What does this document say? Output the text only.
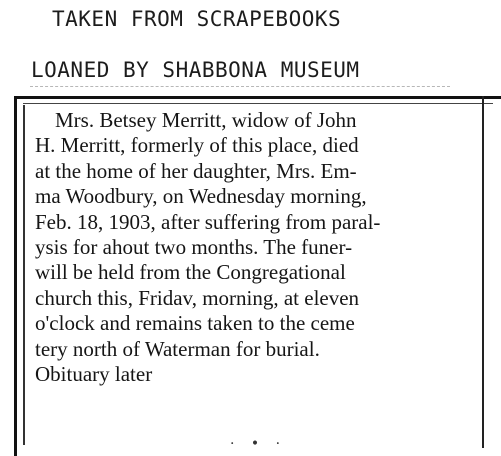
TAKEN FROM SCRAPEBOOKS
LOANED BY SHABBONA MUSEUM
Mrs. Betsey Merritt, widow of John
H. Merritt, formerly of this place, died
at the home of her daughter, Mrs. Em-
ma Woodbury, on Wednesday morning,
Feb. 18, 1903, after suffering from paral-
ysis for ahout two months. The funer-
will be held from the Congregational
church this, Fridav, morning, at eleven
o'clock and remains taken to the ceme
tery north of Waterman for burial.
Obituary later
· • ·
